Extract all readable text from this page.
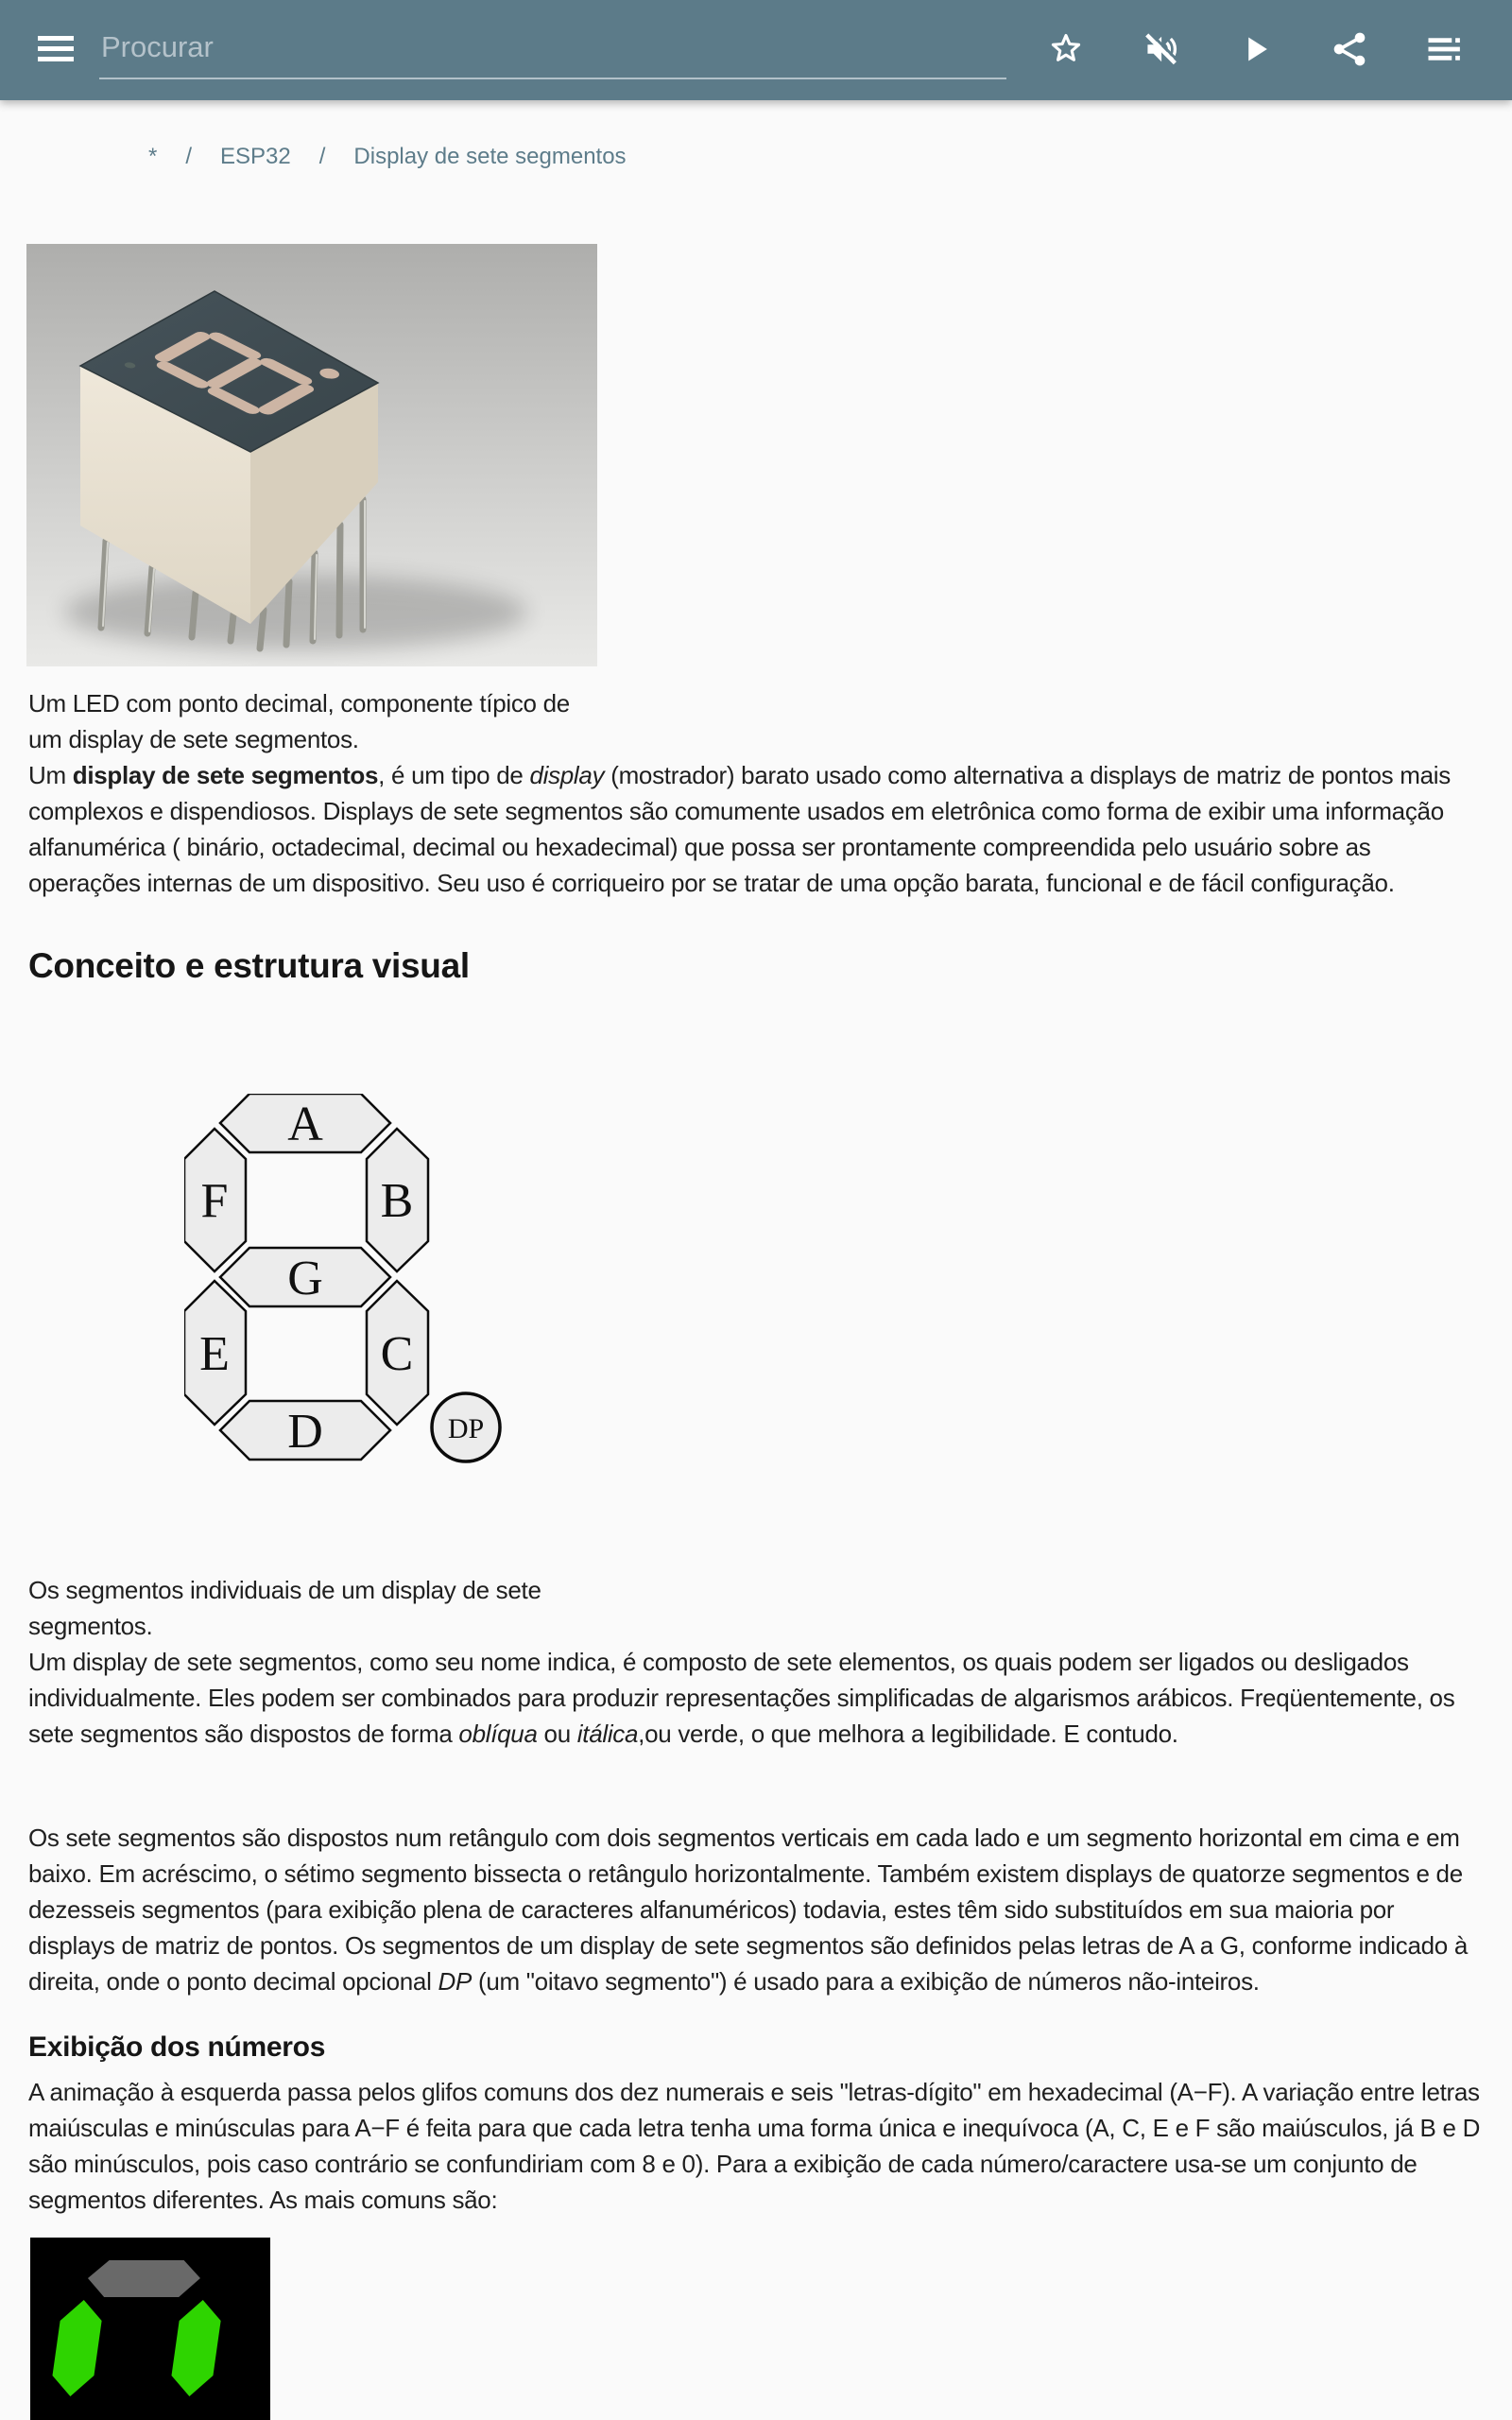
Procurar
* / ESP32 / Display de sete segmentos
Um LED com ponto decimal, componente típico de
um display de sete segmentos.

Um display de sete segmentos, é um tipo de display (mostrador) barato usado como alternativa a displays de matriz de pontos mais complexos e dispendiosos. Displays de sete segmentos são comumente usados em eletrônica como forma de exibir uma informação alfanumérica ( binário, octadecimal, decimal ou hexadecimal) que possa ser prontamente compreendida pelo usuário sobre as operações internas de um dispositivo. Seu uso é corriqueiro por se tratar de uma opção barata, funcional e de fácil configuração.

Conceito e estrutura visual
A
F	B
G
E	C
D	DP
Os segmentos individuais de um display de sete
segmentos.

Um display de sete segmentos, como seu nome indica, é composto de sete elementos, os quais podem ser ligados ou desligados individualmente. Eles podem ser combinados para produzir representações simplificadas de algarismos arábicos. Freqüentemente, os sete segmentos são dispostos de forma oblíqua ou itálica,ou verde, o que melhora a legibilidade. E contudo.

Os sete segmentos são dispostos num retângulo com dois segmentos verticais em cada lado e um segmento horizontal em cima e em baixo. Em acréscimo, o sétimo segmento bissecta o retângulo horizontalmente. Também existem displays de quatorze segmentos e de dezesseis segmentos (para exibição plena de caracteres alfanuméricos) todavia, estes têm sido substituídos em sua maioria por displays de matriz de pontos. Os segmentos de um display de sete segmentos são definidos pelas letras de A a G, conforme indicado à direita, onde o ponto decimal opcional DP (um "oitavo segmento") é usado para a exibição de números não-inteiros.

Exibição dos números

A animação à esquerda passa pelos glifos comuns dos dez numerais e seis "letras-dígito" em hexadecimal (A−F). A variação entre letras maiúsculas e minúsculas para A−F é feita para que cada letra tenha uma forma única e inequívoca (A, C, E e F são maiúsculos, já B e D são minúsculos, pois caso contrário se confundiriam com 8 e 0). Para a exibição de cada número/caractere usa-se um conjunto de segmentos diferentes. As mais comuns são:
